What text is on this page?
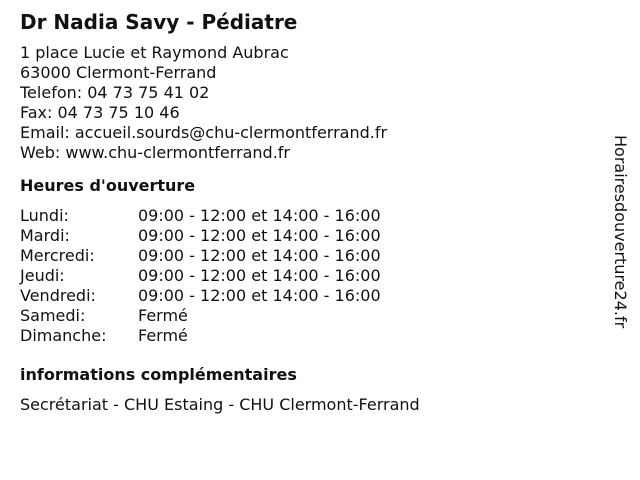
Dr Nadia Savy - Pédiatre
1 place Lucie et Raymond Aubrac
63000 Clermont-Ferrand
Telefon: 04 73 75 41 02
Fax: 04 73 75 10 46
Email: accueil.sourds@chu-clermontferrand.fr
Web: www.chu-clermontferrand.fr
Heures d'ouverture
Lundi:	09:00 - 12:00 et 14:00 - 16:00
Mardi:	09:00 - 12:00 et 14:00 - 16:00
Mercredi:	09:00 - 12:00 et 14:00 - 16:00
Jeudi:	09:00 - 12:00 et 14:00 - 16:00
Vendredi:	09:00 - 12:00 et 14:00 - 16:00
Samedi:	Fermé
Dimanche:	Fermé
informations complémentaires
Secrétariat - CHU Estaing - CHU Clermont-Ferrand
Horairesdouverture24.fr
